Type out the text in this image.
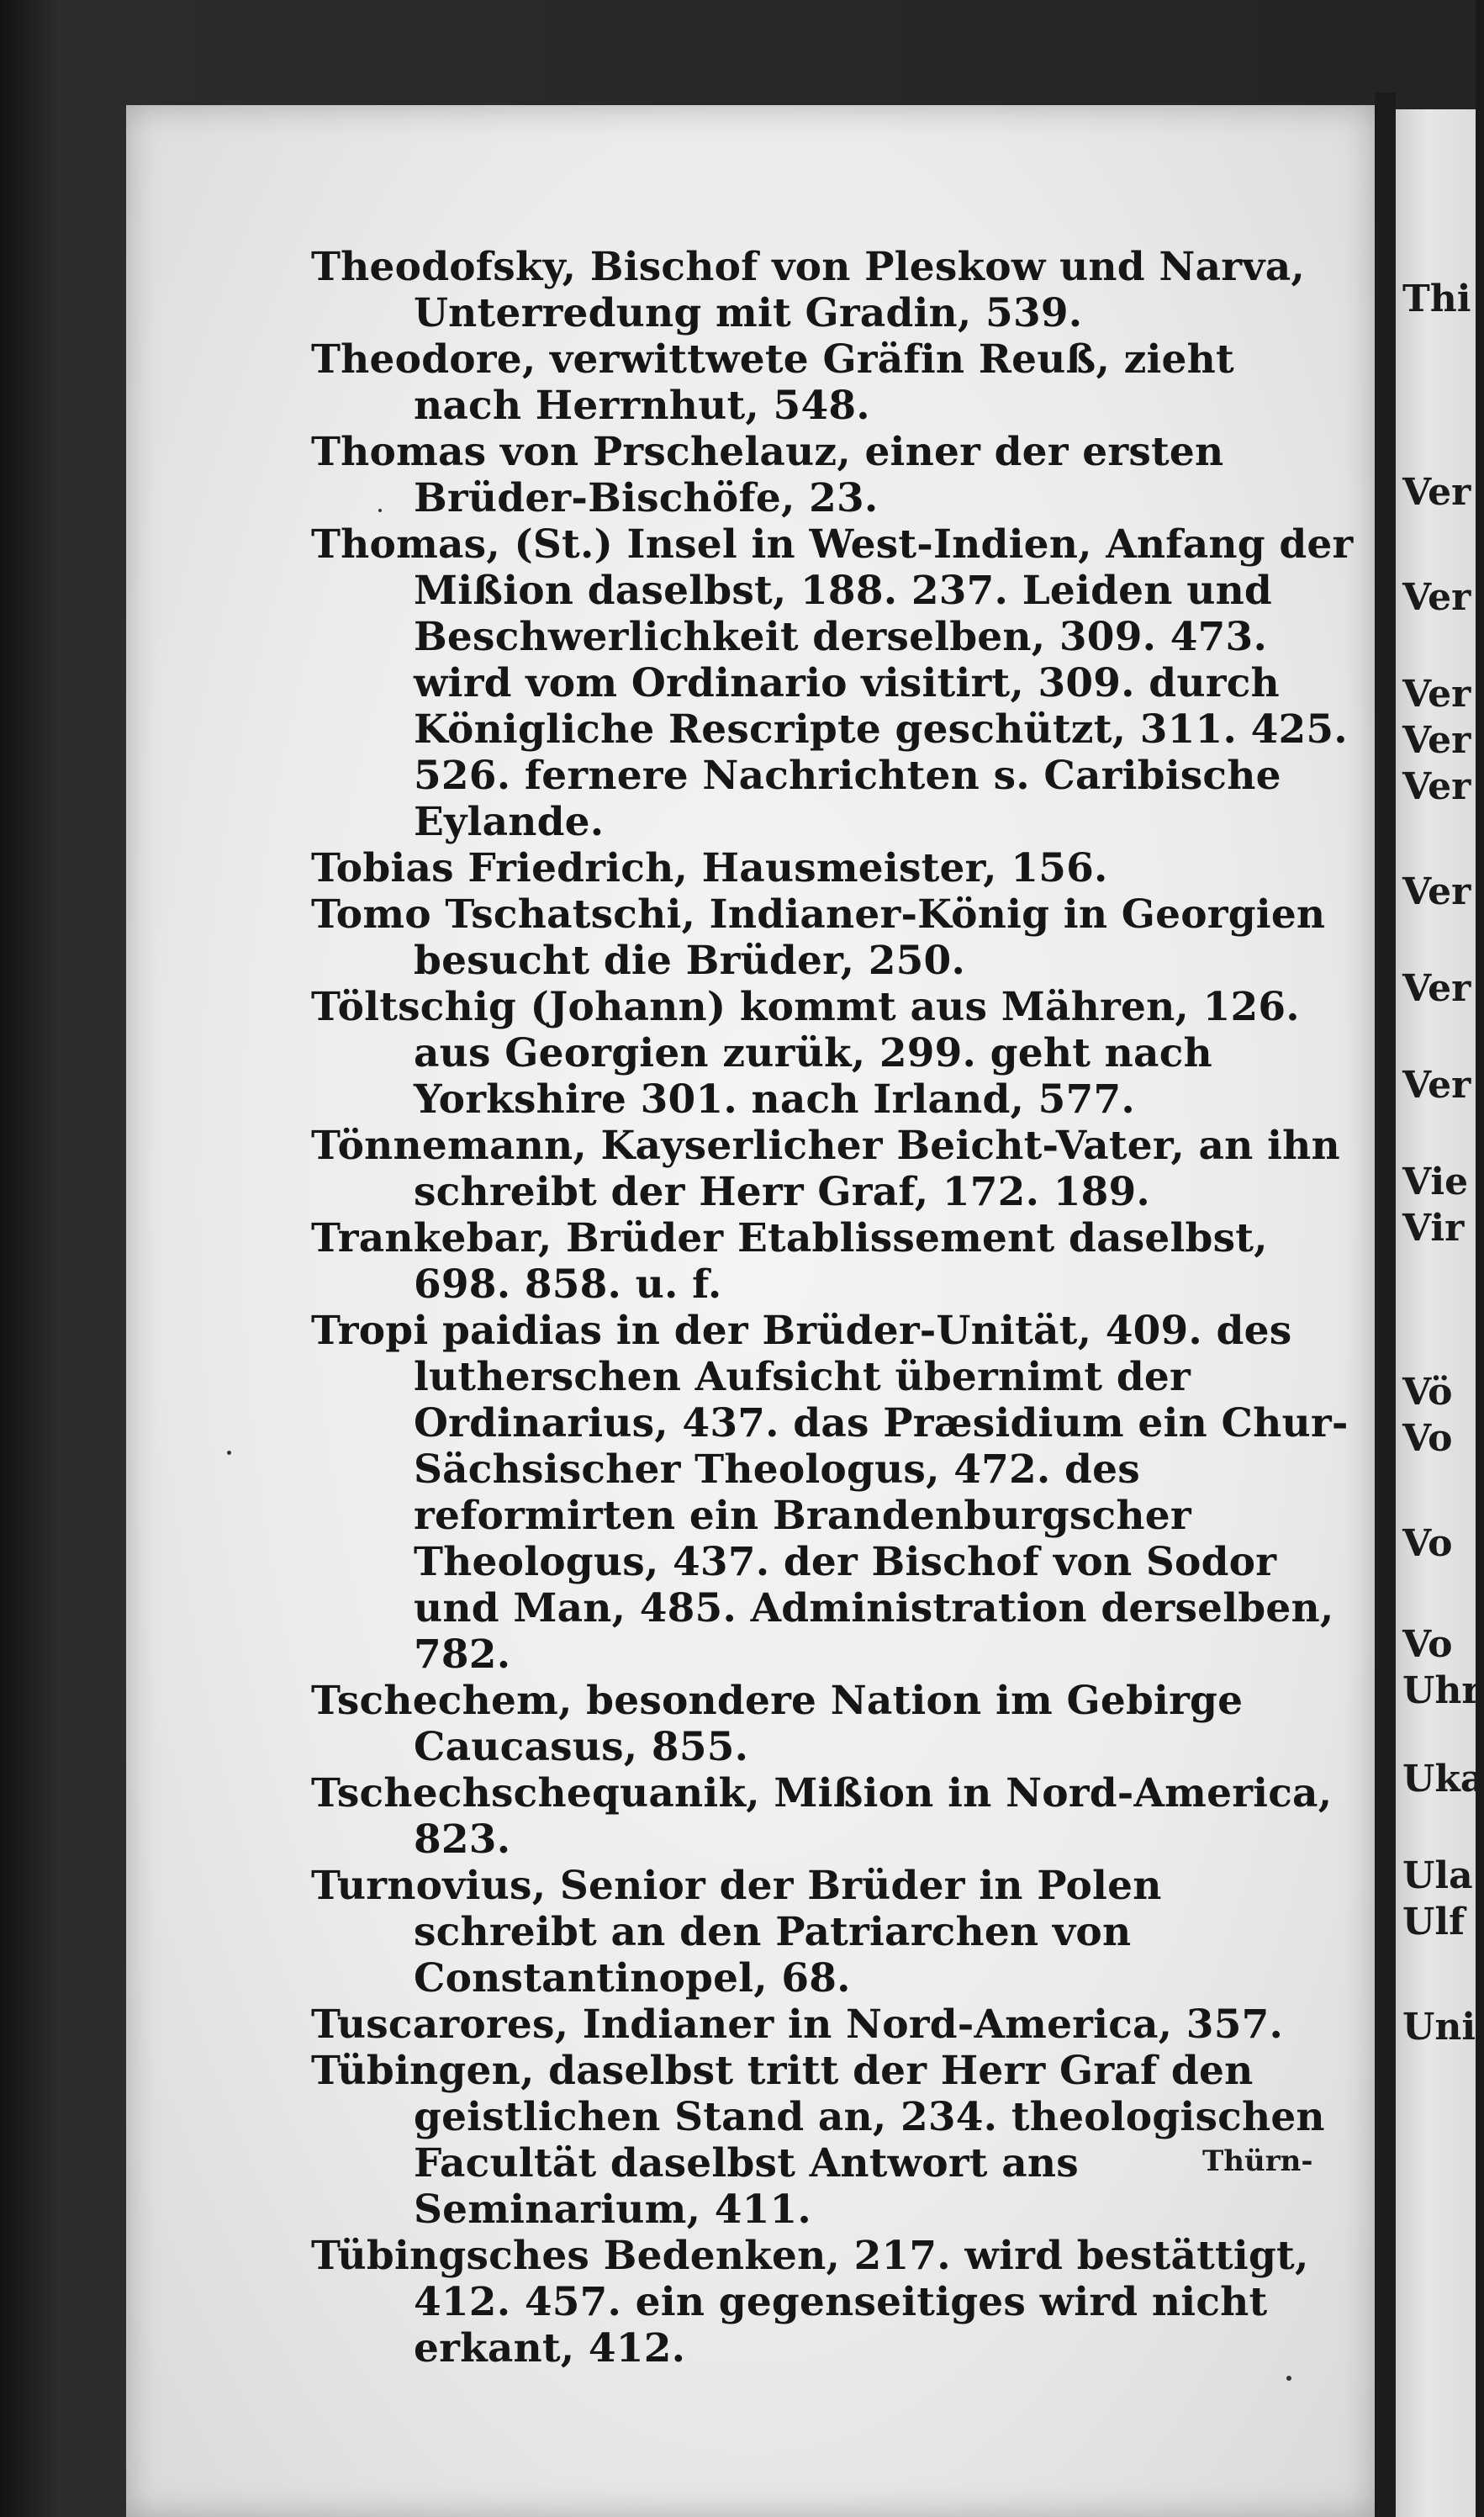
Theodofsky, Bischof von Pleskow und Narva, Unterredung mit Gradin, 539.

Theodore, verwittwete Gräfin Reuß, zieht nach Herrnhut, 548.

Thomas von Prschelauz, einer der ersten Brüder-Bischöfe, 23.

Thomas, (St.) Insel in West-Indien, Anfang der Mißion daselbst, 188. 237. Leiden und Beschwerlichkeit derselben, 309. 473. wird vom Ordinario visitirt, 309. durch Königliche Rescripte geschützt, 311. 425. 526. fernere Nachrichten s. Caribische Eylande.

Tobias Friedrich, Hausmeister, 156.

Tomo Tschatschi, Indianer-König in Georgien besucht die Brüder, 250.

Töltschig (Johann) kommt aus Mähren, 126. aus Georgien zurük, 299. geht nach Yorkshire 301. nach Irland, 577.

Tönnemann, Kayserlicher Beicht-Vater, an ihn schreibt der Herr Graf, 172. 189.

Trankebar, Brüder Etablissement daselbst, 698. 858. u. f.

Tropi paidias in der Brüder-Unität, 409. des lutherschen Aufsicht übernimt der Ordinarius, 437. das Præsidium ein Chur-Sächsischer Theologus, 472. des reformirten ein Brandenburgscher Theologus, 437. der Bischof von Sodor und Man, 485. Administration derselben, 782.

Tschechem, besondere Nation im Gebirge Caucasus, 855.

Tschechschequanik, Mißion in Nord-America, 823.

Turnovius, Senior der Brüder in Polen schreibt an den Patriarchen von Constantinopel, 68.

Tuscarores, Indianer in Nord-America, 357.

Tübingen, daselbst tritt der Herr Graf den geistlichen Stand an, 234. theologischen Facultät daselbst Antwort ans Seminarium, 411.

Tübingsches Bedenken, 217. wird bestättigt, 412. 457. ein gegenseitiges wird nicht erkant, 412.

Thürn-
Thi
Ver
Ver
Ver
Ver
Ver
Ver
Ver
Ver
Vie
Vir
Vö
Vo
Vo
Vo
Uhr
Uka
Ula
Ulf
Uni
